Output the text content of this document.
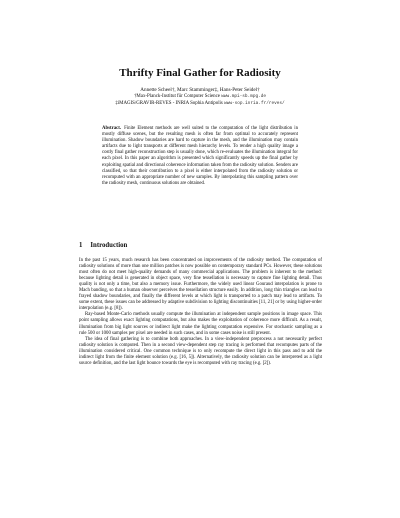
Thrifty Final Gather for Radiosity
Annette Scheel†, Marc Stamminger‡, Hans-Peter Seidel†
†Max-Planck-Institut für Computer Science www.mpi-sb.mpg.de
‡iMAGIS/GRAVIR-REVES - INRIA Sophia Antipolis www-sop.inria.fr/reves/
Abstract. Finite Element methods are well suited to the computation of the light distribution in mostly diffuse scenes, but the resulting mesh is often far from optimal to accurately represent illumination. Shadow boundaries are hard to capture in the mesh, and the illumination may contain artifacts due to light transports at different mesh hierarchy levels. To render a high quality image a costly final gather reconstruction step is usually done, which re-evaluates the illumination integral for each pixel. In this paper an algorithm is presented which significantly speeds up the final gather by exploiting spatial and directional coherence information taken from the radiosity solution. Senders are classified, so that their contribution to a pixel is either interpolated from the radiosity solution or recomputed with an appropriate number of new samples. By interpolating this sampling pattern over the radiosity mesh, continuous solutions are obtained.
1 Introduction

In the past 15 years, much research has been concentrated on improvements of the radiosity method. The computation of radiosity solutions of more than one million patches is now possible on contemporary standard PCs. However, these solutions most often do not meet high-quality demands of many commercial applications. The problem is inherent to the method: because lighting detail is generated in object space, very fine tessellation is necessary to capture fine lighting detail. Thus quality is not only a time, but also a memory issue. Furthermore, the widely used linear Gouraud interpolation is prone to Mach banding, so that a human observer perceives the tessellation structure easily. In addition, long thin triangles can lead to frayed shadow boundaries, and finally the different levels at which light is transported to a patch may lead to artifacts. To some extent, these issues can be addressed by adaptive subdivision to lighting discontinuities [11, 21] or by using higher-order interpolation (e.g. [8]).

Ray-based Monte-Carlo methods usually compute the illumination at independent sample positions in image space. This point sampling allows exact lighting computations, but also makes the exploitation of coherence more difficult. As a result, illumination from big light sources or indirect light make the lighting computation expensive. For stochastic sampling as a rule 500 or 1000 samples per pixel are needed in such cases, and in some cases noise is still present.

The idea of final gathering is to combine both approaches. In a view-independent preprocess a not necessarily perfect radiosity solution is computed. Then in a second view-dependent step ray tracing is performed that recomputes parts of the illumination considered critical. One common technique is to only recompute the direct light in this pass and to add the indirect light from the finite element solution (e.g. [16, 5]). Alternatively, the radiosity solution can be interpreted as a light source definition, and the last light bounce towards the eye is recomputed with ray tracing (e.g. [2]).
